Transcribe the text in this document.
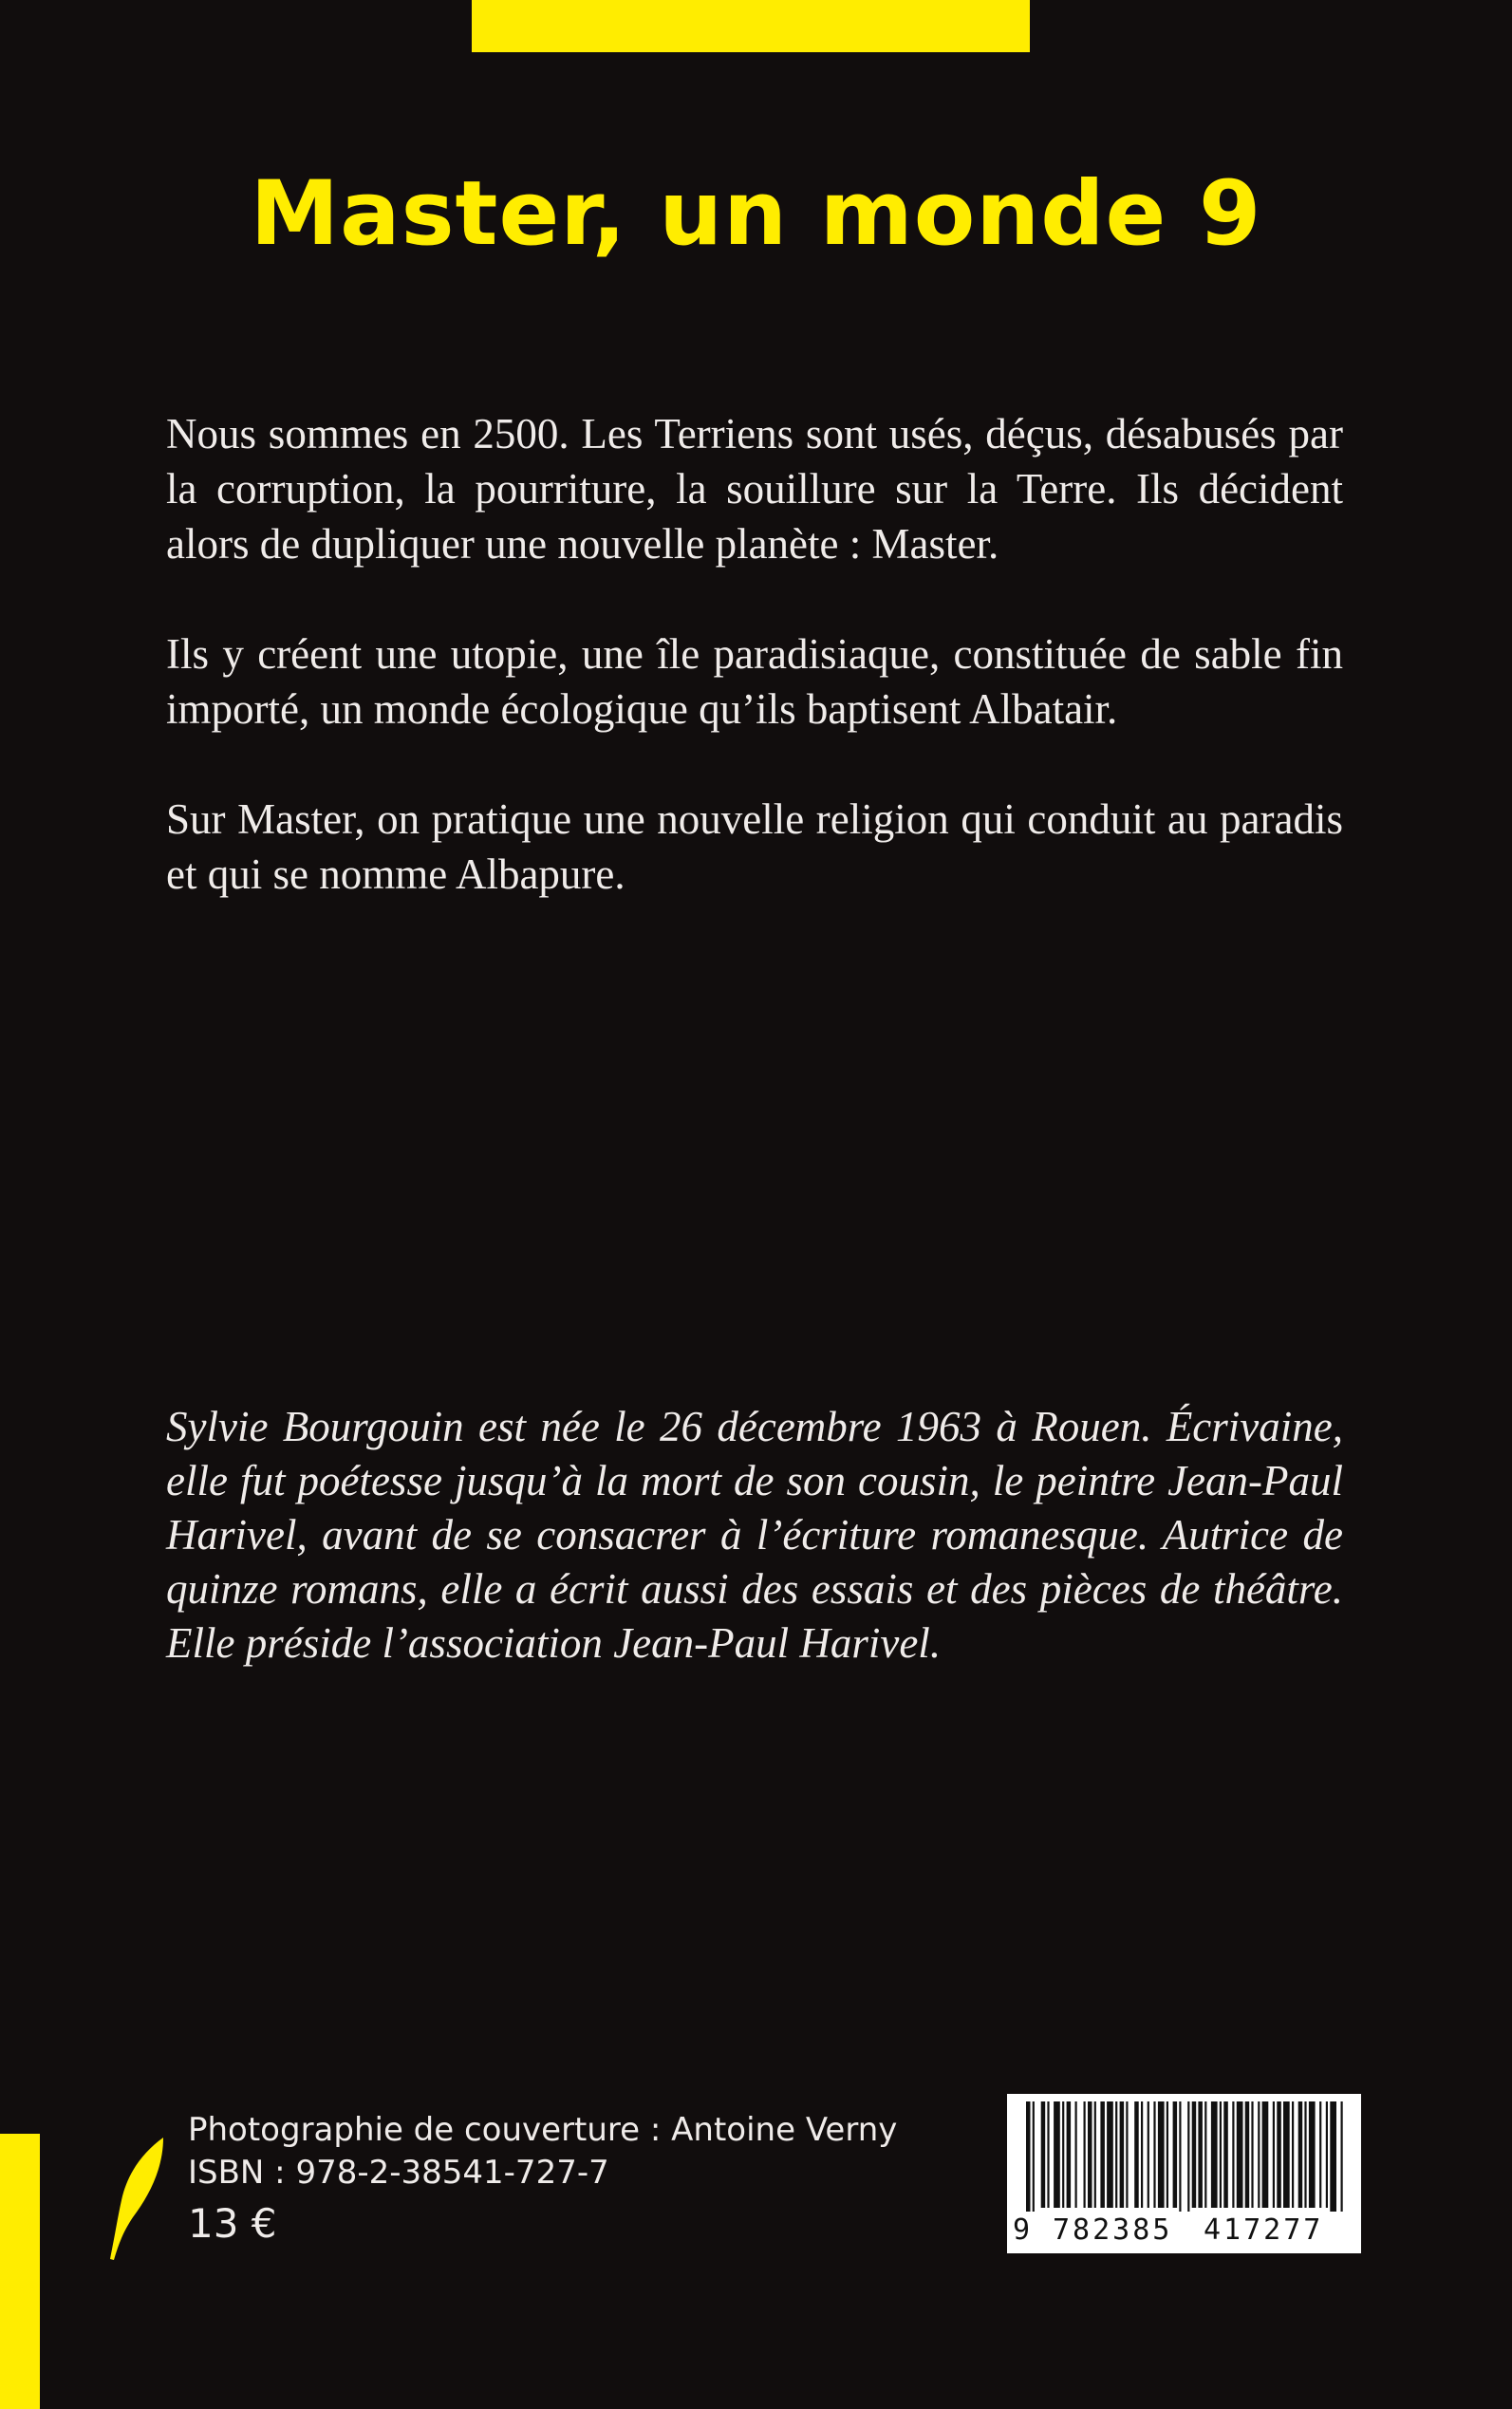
Master, un monde 9

Nous sommes en 2500. Les Terriens sont usés, déçus, désabusés par la corruption, la pourriture, la souillure sur la Terre. Ils décident alors de dupliquer une nouvelle planète : Master.

Ils y créent une utopie, une île paradisiaque, constituée de sable fin importé, un monde écologique qu’ils baptisent Albatair.

Sur Master, on pratique une nouvelle religion qui conduit au paradis et qui se nomme Albapure.

Sylvie Bourgouin est née le 26 décembre 1963 à Rouen. Écrivaine, elle fut poétesse jusqu’à la mort de son cousin, le peintre Jean-Paul Harivel, avant de se consacrer à l’écriture romanesque. Autrice de quinze romans, elle a écrit aussi des essais et des pièces de théâtre. Elle préside l’association Jean-Paul Harivel.

Photographie de couverture : Antoine Verny
ISBN : 978-2-38541-727-7
13 €	9 782385 417277
